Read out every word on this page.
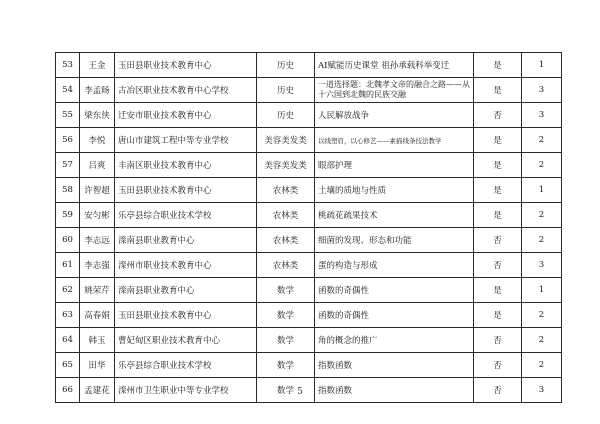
53	王金	玉田县职业技术教育中心	历史	AI赋能历史课堂 祖孙承载科举变迁	是	1
54	李孟旸	古冶区职业技术教育中心学校	历史	一道选择题：北魏孝文帝的融合之路——从十六国到北魏的民族交融	是	3
55	梁东侠	迁安市职业技术教育中心	历史	人民解放战争	否	3
56	李悦	唐山市建筑工程中等专业学校	美容美发类	以线塑眉，以心修艺——素描线条技法教学	是	2
57	吕爽	丰南区职业技术教育中心	美容美发类	眼部护理	是	2
58	许智超	玉田县职业技术教育中心	农林类	土壤的质地与性质	是	1
59	安匀彬	乐亭县综合职业技术学校	农林类	桃疏花疏果技术	是	2
60	李志远	滦南县职业教育中心	农林类	细菌的发现、形态和功能	否	2
61	李志强	滦州市职业技术教育中心	农林类	蛋的构造与形成	否	3
62	姚荣芹	滦南县职业教育中心	数学	函数的奇偶性	是	1
63	高春娟	玉田县职业技术教育中心	数学	函数的奇偶性	是	2
64	韩玉	曹妃甸区职业技术教育中心	数学	角的概念的推广	否	2
65	田华	乐亭县综合职业技术学校	数学	指数函数	否	2
66	孟建花	滦州市卫生职业中等专业学校	数学	指数函数	否	3
5
